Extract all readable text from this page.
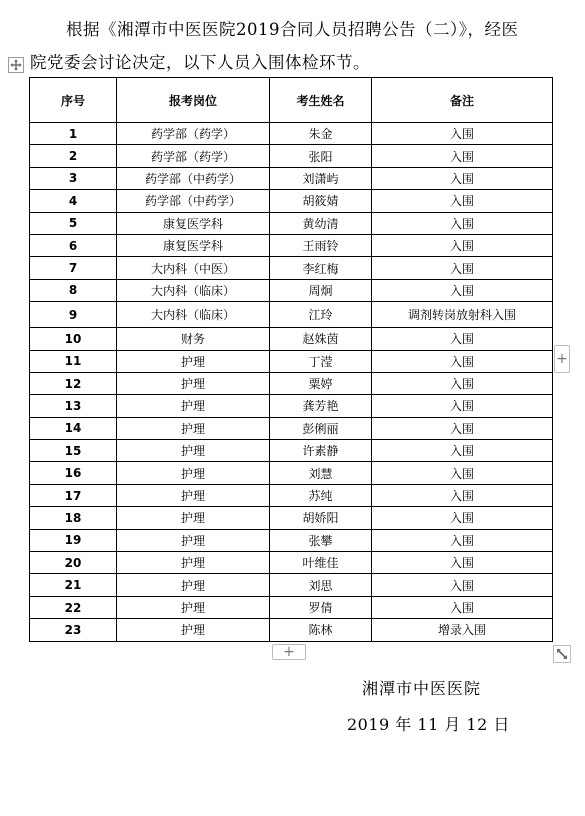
根据《湘潭市中医医院2019合同人员招聘公告（二）》，经医
院党委会讨论决定，以下人员入围体检环节。
序号	报考岗位	考生姓名	备注
1	药学部（药学）	朱金	入围
2	药学部（药学）	张阳	入围
3	药学部（中药学）	刘潇屿	入围
4	药学部（中药学）	胡筱婧	入围
5	康复医学科	黄幼清	入围
6	康复医学科	王雨铃	入围
7	大内科（中医）	李红梅	入围
8	大内科（临床）	周炯	入围
9	大内科（临床）	江玲	调剂转岗放射科入围
10	财务	赵姝茵	入围
11	护理	丁滢	入围
12	护理	粟婷	入围
13	护理	龚芳艳	入围
14	护理	彭俐丽	入围
15	护理	许素静	入围
16	护理	刘慧	入围
17	护理	苏纯	入围
18	护理	胡娇阳	入围
19	护理	张攀	入围
20	护理	叶维佳	入围
21	护理	刘思	入围
22	护理	罗倩	入围
23	护理	陈林	增录入围
+
+
湘潭市中医医院
2019 年 11 月 12 日
